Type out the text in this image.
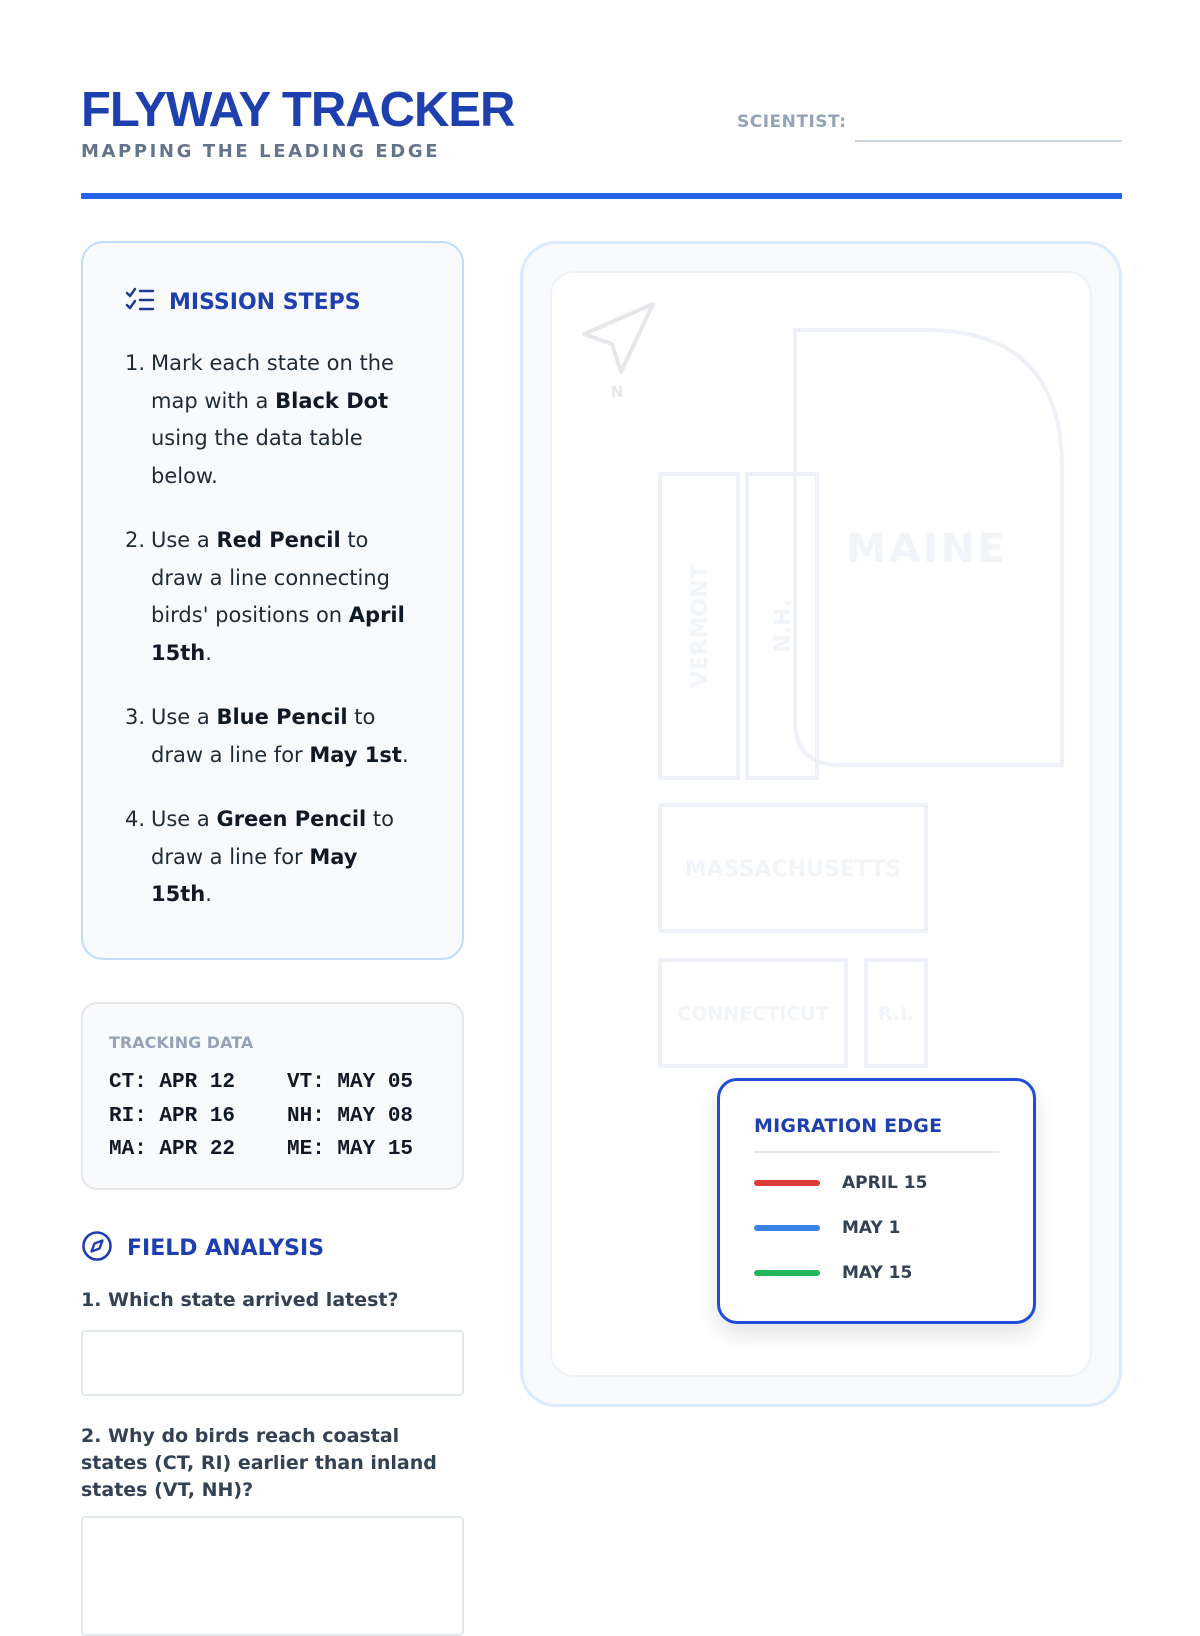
FLYWAY TRACKER
MAPPING THE LEADING EDGE
SCIENTIST:
MISSION STEPS
1. Mark each state on the map with a Black Dot using the data table below.
2. Use a Red Pencil to draw a line connecting birds' positions on April 15th.
3. Use a Blue Pencil to draw a line for May 1st.
4. Use a Green Pencil to draw a line for May 15th.
TRACKING DATA
CT: APR 12	VT: MAY 05
RI: APR 16	NH: MAY 08
MA: APR 22	ME: MAY 15
FIELD ANALYSIS
1. Which state arrived latest?
2. Why do birds reach coastal states (CT, RI) earlier than inland states (VT, NH)?
N
MAINE
VERMONT	N.H.
MASSACHUSETTS
CONNECTICUT	R.I.
MIGRATION EDGE
APRIL 15
MAY 1
MAY 15
